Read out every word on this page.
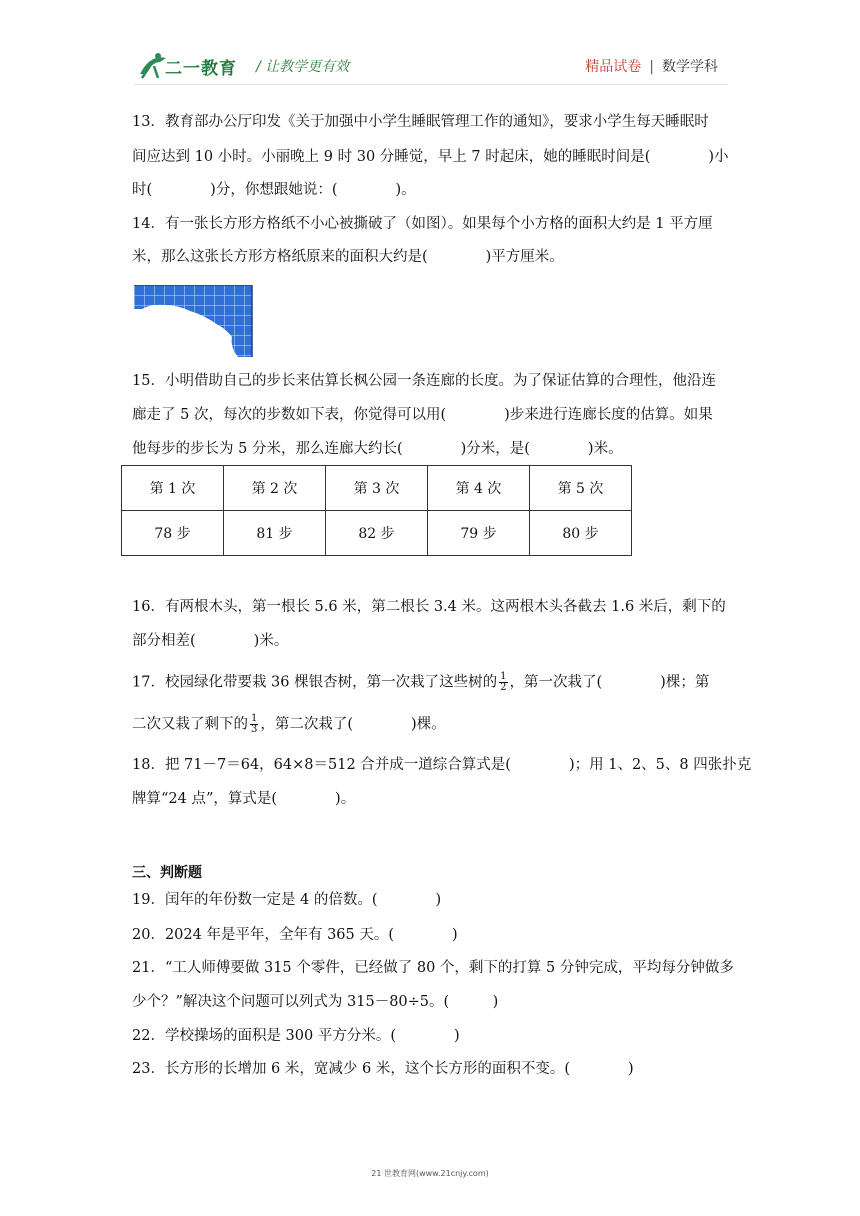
二一教育 / 让教学更有效	精品试卷 | 数学学科
13．教育部办公厅印发《关于加强中小学生睡眠管理工作的通知》，要求小学生每天睡眠时
间应达到 10 小时。小丽晚上 9 时 30 分睡觉，早上 7 时起床，她的睡眠时间是(　　　　)小
时(　　　　)分，你想跟她说：(　　　　)。
14．有一张长方形方格纸不小心被撕破了（如图）。如果每个小方格的面积大约是 1 平方厘
米，那么这张长方形方格纸原来的面积大约是(　　　　)平方厘米。
15．小明借助自己的步长来估算长枫公园一条连廊的长度。为了保证估算的合理性，他沿连
廊走了 5 次，每次的步数如下表，你觉得可以用(　　　　)步来进行连廊长度的估算。如果
他每步的步长为 5 分米，那么连廊大约长(　　　　)分米，是(　　　　)米。
第 1 次	第 2 次	第 3 次	第 4 次	第 5 次
78 步	81 步	82 步	79 步	80 步
16．有两根木头，第一根长 5.6 米，第二根长 3.4 米。这两根木头各截去 1.6 米后，剩下的
部分相差(　　　　)米。
17．校园绿化带要栽 36 棵银杏树，第一次栽了这些树的 $\frac{1}{2}$ ，第一次栽了(　　　　)棵；第
二次又栽了剩下的 $\frac{1}{3}$ ，第二次栽了(　　　　)棵。
18．把 71－7＝64，64×8＝512 合并成一道综合算式是(　　　　)；用 1、2、5、8 四张扑克
牌算“24 点”，算式是(　　　　)。
三、判断题
19．闰年的年份数一定是 4 的倍数。(　　　　)
20．2024 年是平年，全年有 365 天。(　　　　)
21．“工人师傅要做 315 个零件，已经做了 80 个，剩下的打算 5 分钟完成，平均每分钟做多
少个？”解决这个问题可以列式为 315－80÷5。(　　　)
22．学校操场的面积是 300 平方分米。(　　　　)
23．长方形的长增加 6 米，宽减少 6 米，这个长方形的面积不变。(　　　　)
21 世教育网(www.21cnjy.com)
